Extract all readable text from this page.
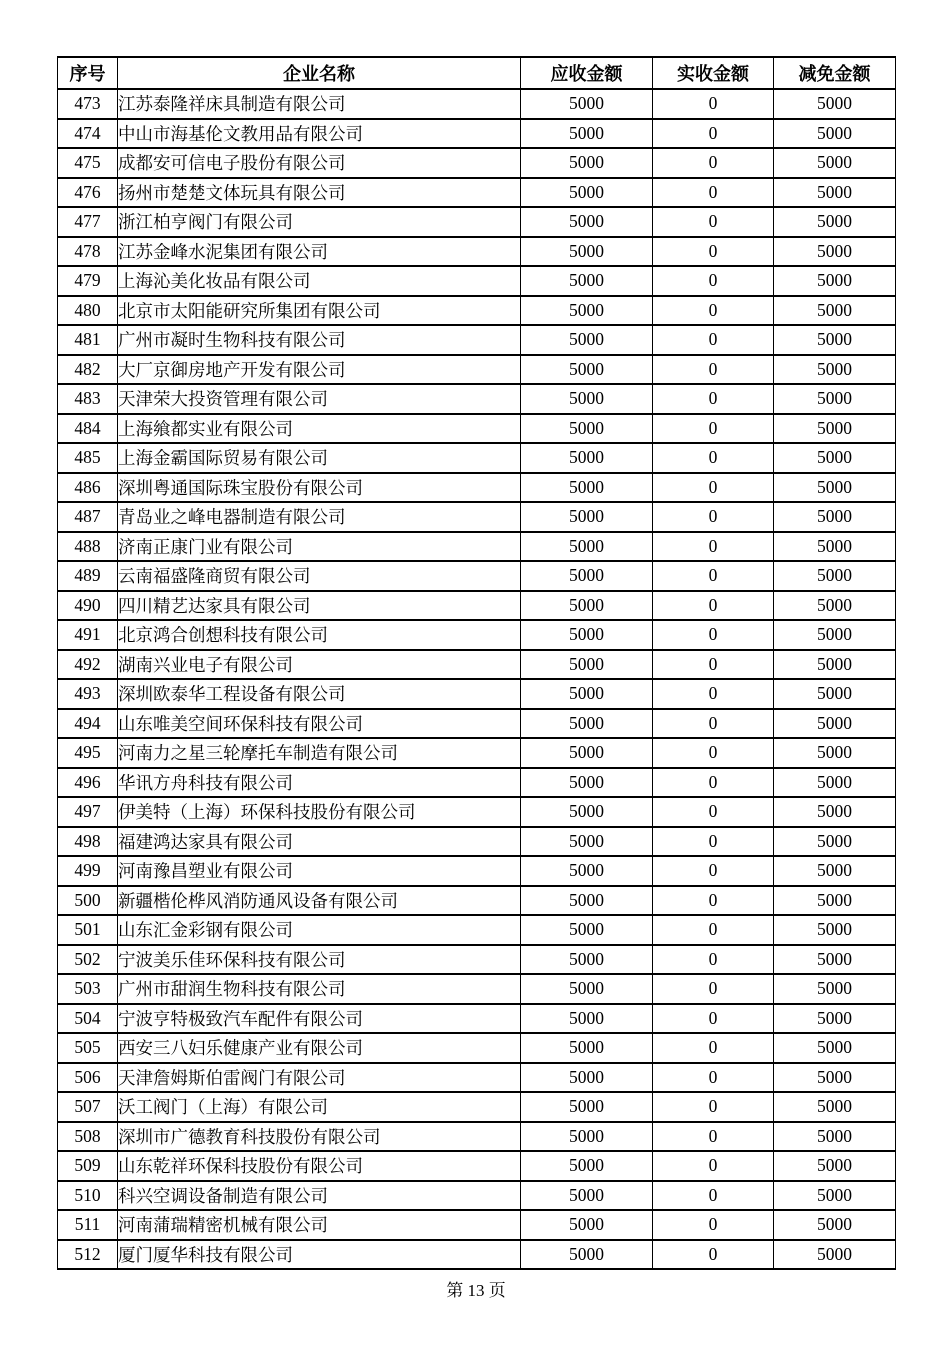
序号	企业名称	应收金额	实收金额	减免金额
473	江苏泰隆祥床具制造有限公司	5000	0	5000
474	中山市海基伦文教用品有限公司	5000	0	5000
475	成都安可信电子股份有限公司	5000	0	5000
476	扬州市楚楚文体玩具有限公司	5000	0	5000
477	浙江柏亨阀门有限公司	5000	0	5000
478	江苏金峰水泥集团有限公司	5000	0	5000
479	上海沁美化妆品有限公司	5000	0	5000
480	北京市太阳能研究所集团有限公司	5000	0	5000
481	广州市凝时生物科技有限公司	5000	0	5000
482	大厂京御房地产开发有限公司	5000	0	5000
483	天津荣大投资管理有限公司	5000	0	5000
484	上海飨都实业有限公司	5000	0	5000
485	上海金霸国际贸易有限公司	5000	0	5000
486	深圳粤通国际珠宝股份有限公司	5000	0	5000
487	青岛业之峰电器制造有限公司	5000	0	5000
488	济南正康门业有限公司	5000	0	5000
489	云南福盛隆商贸有限公司	5000	0	5000
490	四川精艺达家具有限公司	5000	0	5000
491	北京鸿合创想科技有限公司	5000	0	5000
492	湖南兴业电子有限公司	5000	0	5000
493	深圳欧泰华工程设备有限公司	5000	0	5000
494	山东唯美空间环保科技有限公司	5000	0	5000
495	河南力之星三轮摩托车制造有限公司	5000	0	5000
496	华讯方舟科技有限公司	5000	0	5000
497	伊美特（上海）环保科技股份有限公司	5000	0	5000
498	福建鸿达家具有限公司	5000	0	5000
499	河南豫昌塑业有限公司	5000	0	5000
500	新疆楷伦桦风消防通风设备有限公司	5000	0	5000
501	山东汇金彩钢有限公司	5000	0	5000
502	宁波美乐佳环保科技有限公司	5000	0	5000
503	广州市甜润生物科技有限公司	5000	0	5000
504	宁波亨特极致汽车配件有限公司	5000	0	5000
505	西安三八妇乐健康产业有限公司	5000	0	5000
506	天津詹姆斯伯雷阀门有限公司	5000	0	5000
507	沃工阀门（上海）有限公司	5000	0	5000
508	深圳市广德教育科技股份有限公司	5000	0	5000
509	山东乾祥环保科技股份有限公司	5000	0	5000
510	科兴空调设备制造有限公司	5000	0	5000
511	河南蒲瑞精密机械有限公司	5000	0	5000
512	厦门厦华科技有限公司	5000	0	5000
第 13 页
